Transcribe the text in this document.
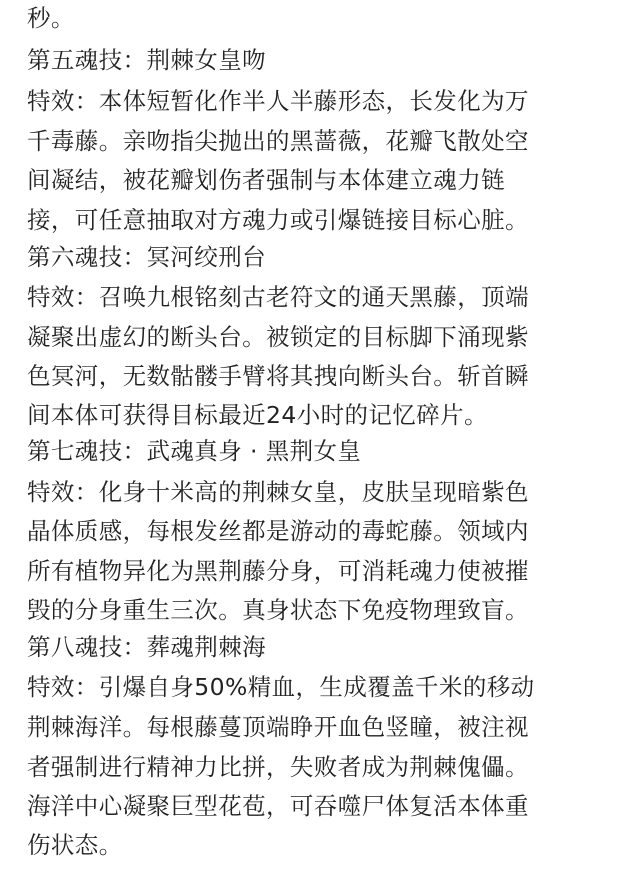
秒。

第五魂技：荆棘女皇吻

特效：本体短暂化作半人半藤形态，长发化为万

千毒藤。亲吻指尖抛出的黑蔷薇，花瓣飞散处空

间凝结，被花瓣划伤者强制与本体建立魂力链

接，可任意抽取对方魂力或引爆链接目标心脏。

第六魂技：冥河绞刑台

特效：召唤九根铭刻古老符文的通天黑藤，顶端

凝聚出虚幻的断头台。被锁定的目标脚下涌现紫

色冥河，无数骷髅手臂将其拽向断头台。斩首瞬

间本体可获得目标最近24小时的记忆碎片。

第七魂技：武魂真身 · 黑荆女皇

特效：化身十米高的荆棘女皇，皮肤呈现暗紫色

晶体质感，每根发丝都是游动的毒蛇藤。领域内

所有植物异化为黑荆藤分身，可消耗魂力使被摧

毁的分身重生三次。真身状态下免疫物理致盲。

第八魂技：葬魂荆棘海

特效：引爆自身50%精血，生成覆盖千米的移动

荆棘海洋。每根藤蔓顶端睁开血色竖瞳，被注视

者强制进行精神力比拼，失败者成为荆棘傀儡。

海洋中心凝聚巨型花苞，可吞噬尸体复活本体重

伤状态。
